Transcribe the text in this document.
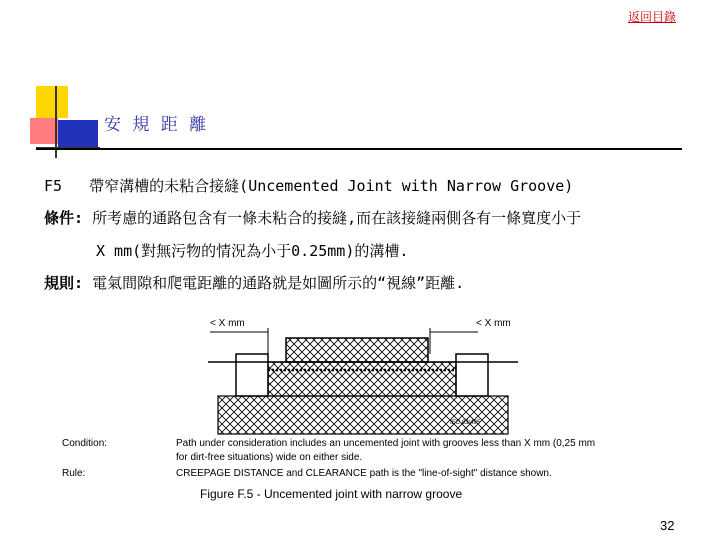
返回目錄
安 規 距 離
F5 帶窄溝槽的未粘合接縫(Uncemented Joint with Narrow Groove)
條件: 所考慮的通路包含有一條未粘合的接縫,而在該接縫兩側各有一條寬度小于
X mm(對無污物的情況為小于0.25mm)的溝槽.
規則: 電氣間隙和爬電距離的通路就是如圖所示的“視線”距離.
< X mm	< X mm
IEC 83/495
Condition:	Path under consideration includes an uncemented joint with grooves less than X mm (0,25 mm
for dirt-free situations) wide on either side.
Rule:	CREEPAGE DISTANCE and CLEARANCE path is the "line-of-sight" distance shown.
Figure F.5 - Uncemented joint with narrow groove
32
